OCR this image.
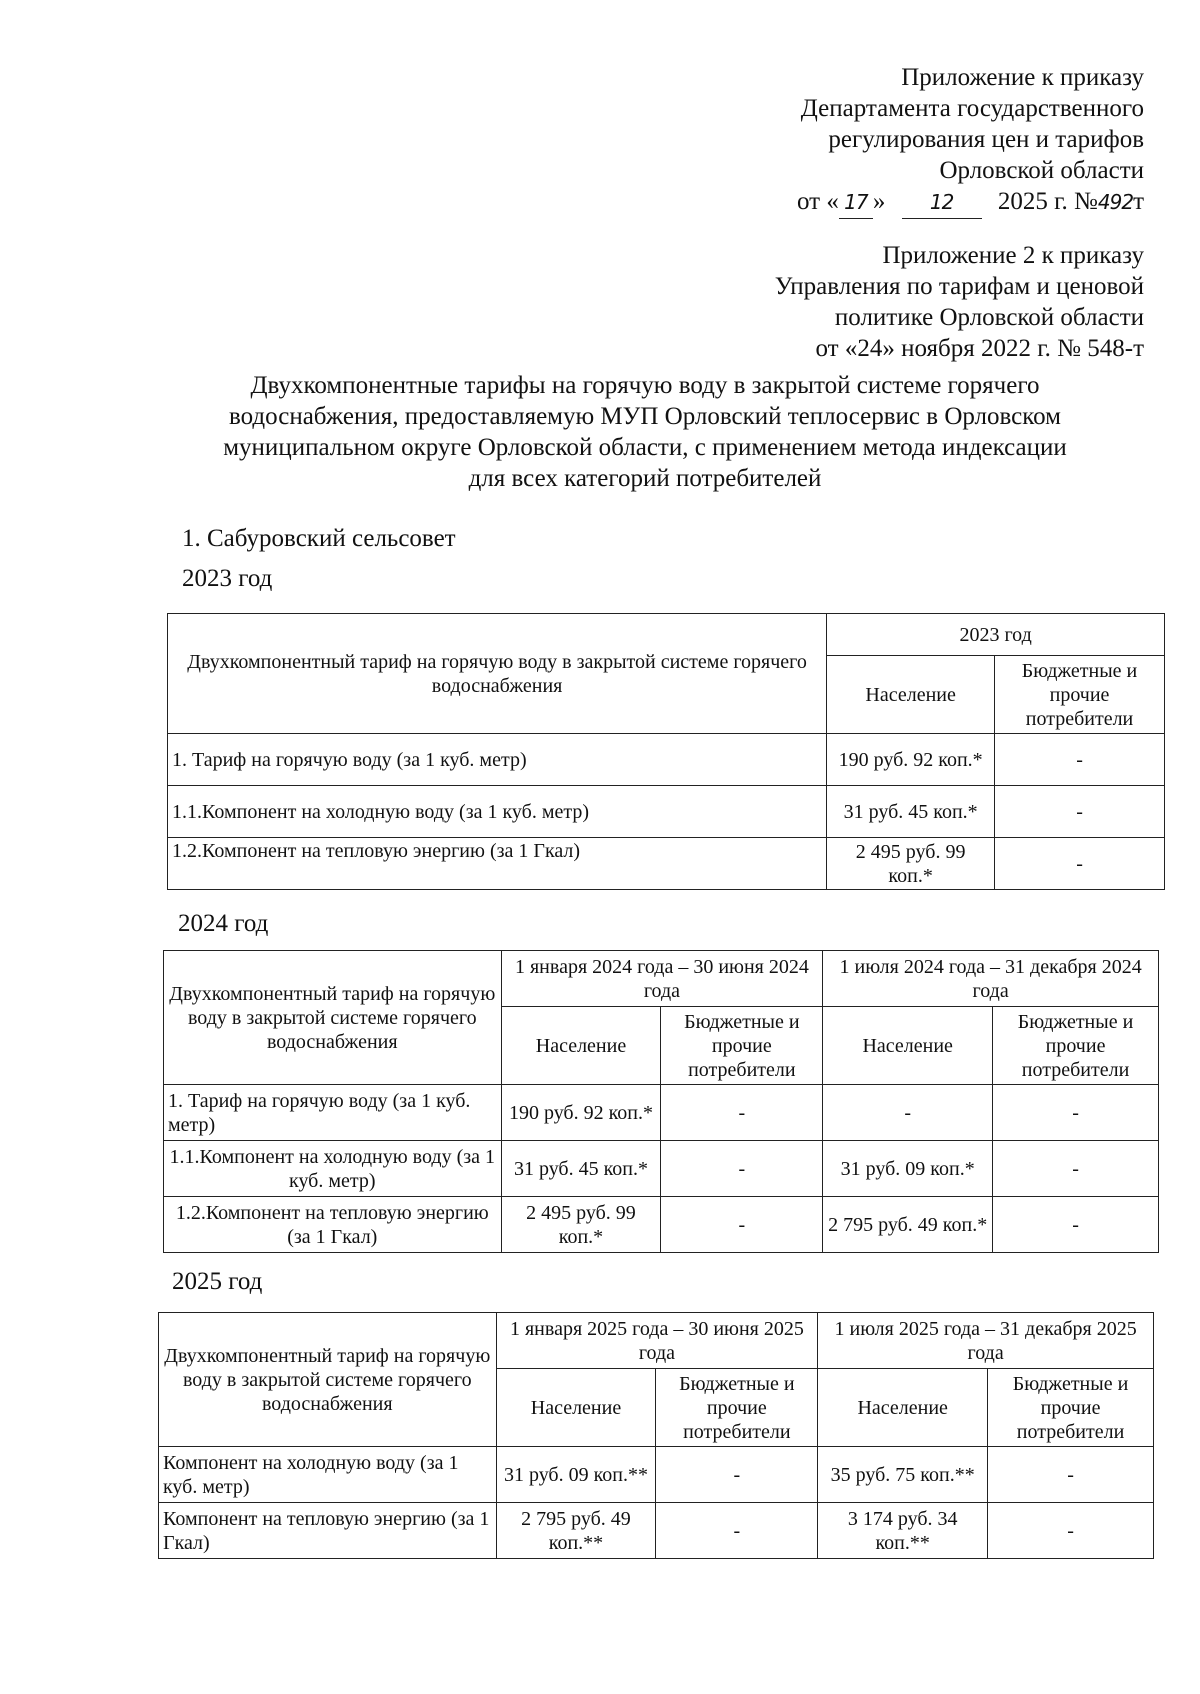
Приложение к приказу
Департамента государственного
регулирования цен и тарифов
Орловской области
от « 17 » 12 2025 г. №492т
Приложение 2 к приказу
Управления по тарифам и ценовой
политике Орловской области
от «24» ноября 2022 г. № 548-т
Двухкомпонентные тарифы на горячую воду в закрытой системе горячего
водоснабжения, предоставляемую МУП Орловский теплосервис в Орловском
муниципальном округе Орловской области, с применением метода индексации
для всех категорий потребителей
1. Сабуровский сельсовет
2023 год
Двухкомпонентный тариф на горячую воду в закрытой системе горячего водоснабжения	2023 год	
	Население	Бюджетные и прочие потребители
1. Тариф на горячую воду (за 1 куб. метр)	190 руб. 92 коп.*	-
1.1.Компонент на холодную воду (за 1 куб. метр)	31 руб. 45 коп.*	-
1.2.Компонент на тепловую энергию (за 1 Гкал)	2 495 руб. 99 коп.*	-
2024 год
Двухкомпонентный тариф на горячую воду в закрытой системе горячего водоснабжения	1 января 2024 года – 30 июня 2024 года		1 июля 2024 года – 31 декабря 2024 года	
	Население	Бюджетные и прочие потребители	Население	Бюджетные и прочие потребители
1. Тариф на горячую воду (за 1 куб. метр)	190 руб. 92 коп.*	-	-	-
1.1.Компонент на холодную воду (за 1 куб. метр)	31 руб. 45 коп.*	-	31 руб. 09 коп.*	-
1.2.Компонент на тепловую энергию (за 1 Гкал)	2 495 руб. 99 коп.*	-	2 795 руб. 49 коп.*	-
2025 год
Двухкомпонентный тариф на горячую воду в закрытой системе горячего водоснабжения	1 января 2025 года – 30 июня 2025 года		1 июля 2025 года – 31 декабря 2025 года	
	Население	Бюджетные и прочие потребители	Население	Бюджетные и прочие потребители
Компонент на холодную воду (за 1 куб. метр)	31 руб. 09 коп.**	-	35 руб. 75 коп.**	-
Компонент на тепловую энергию (за 1 Гкал)	2 795 руб. 49 коп.**	-	3 174 руб. 34 коп.**	-
